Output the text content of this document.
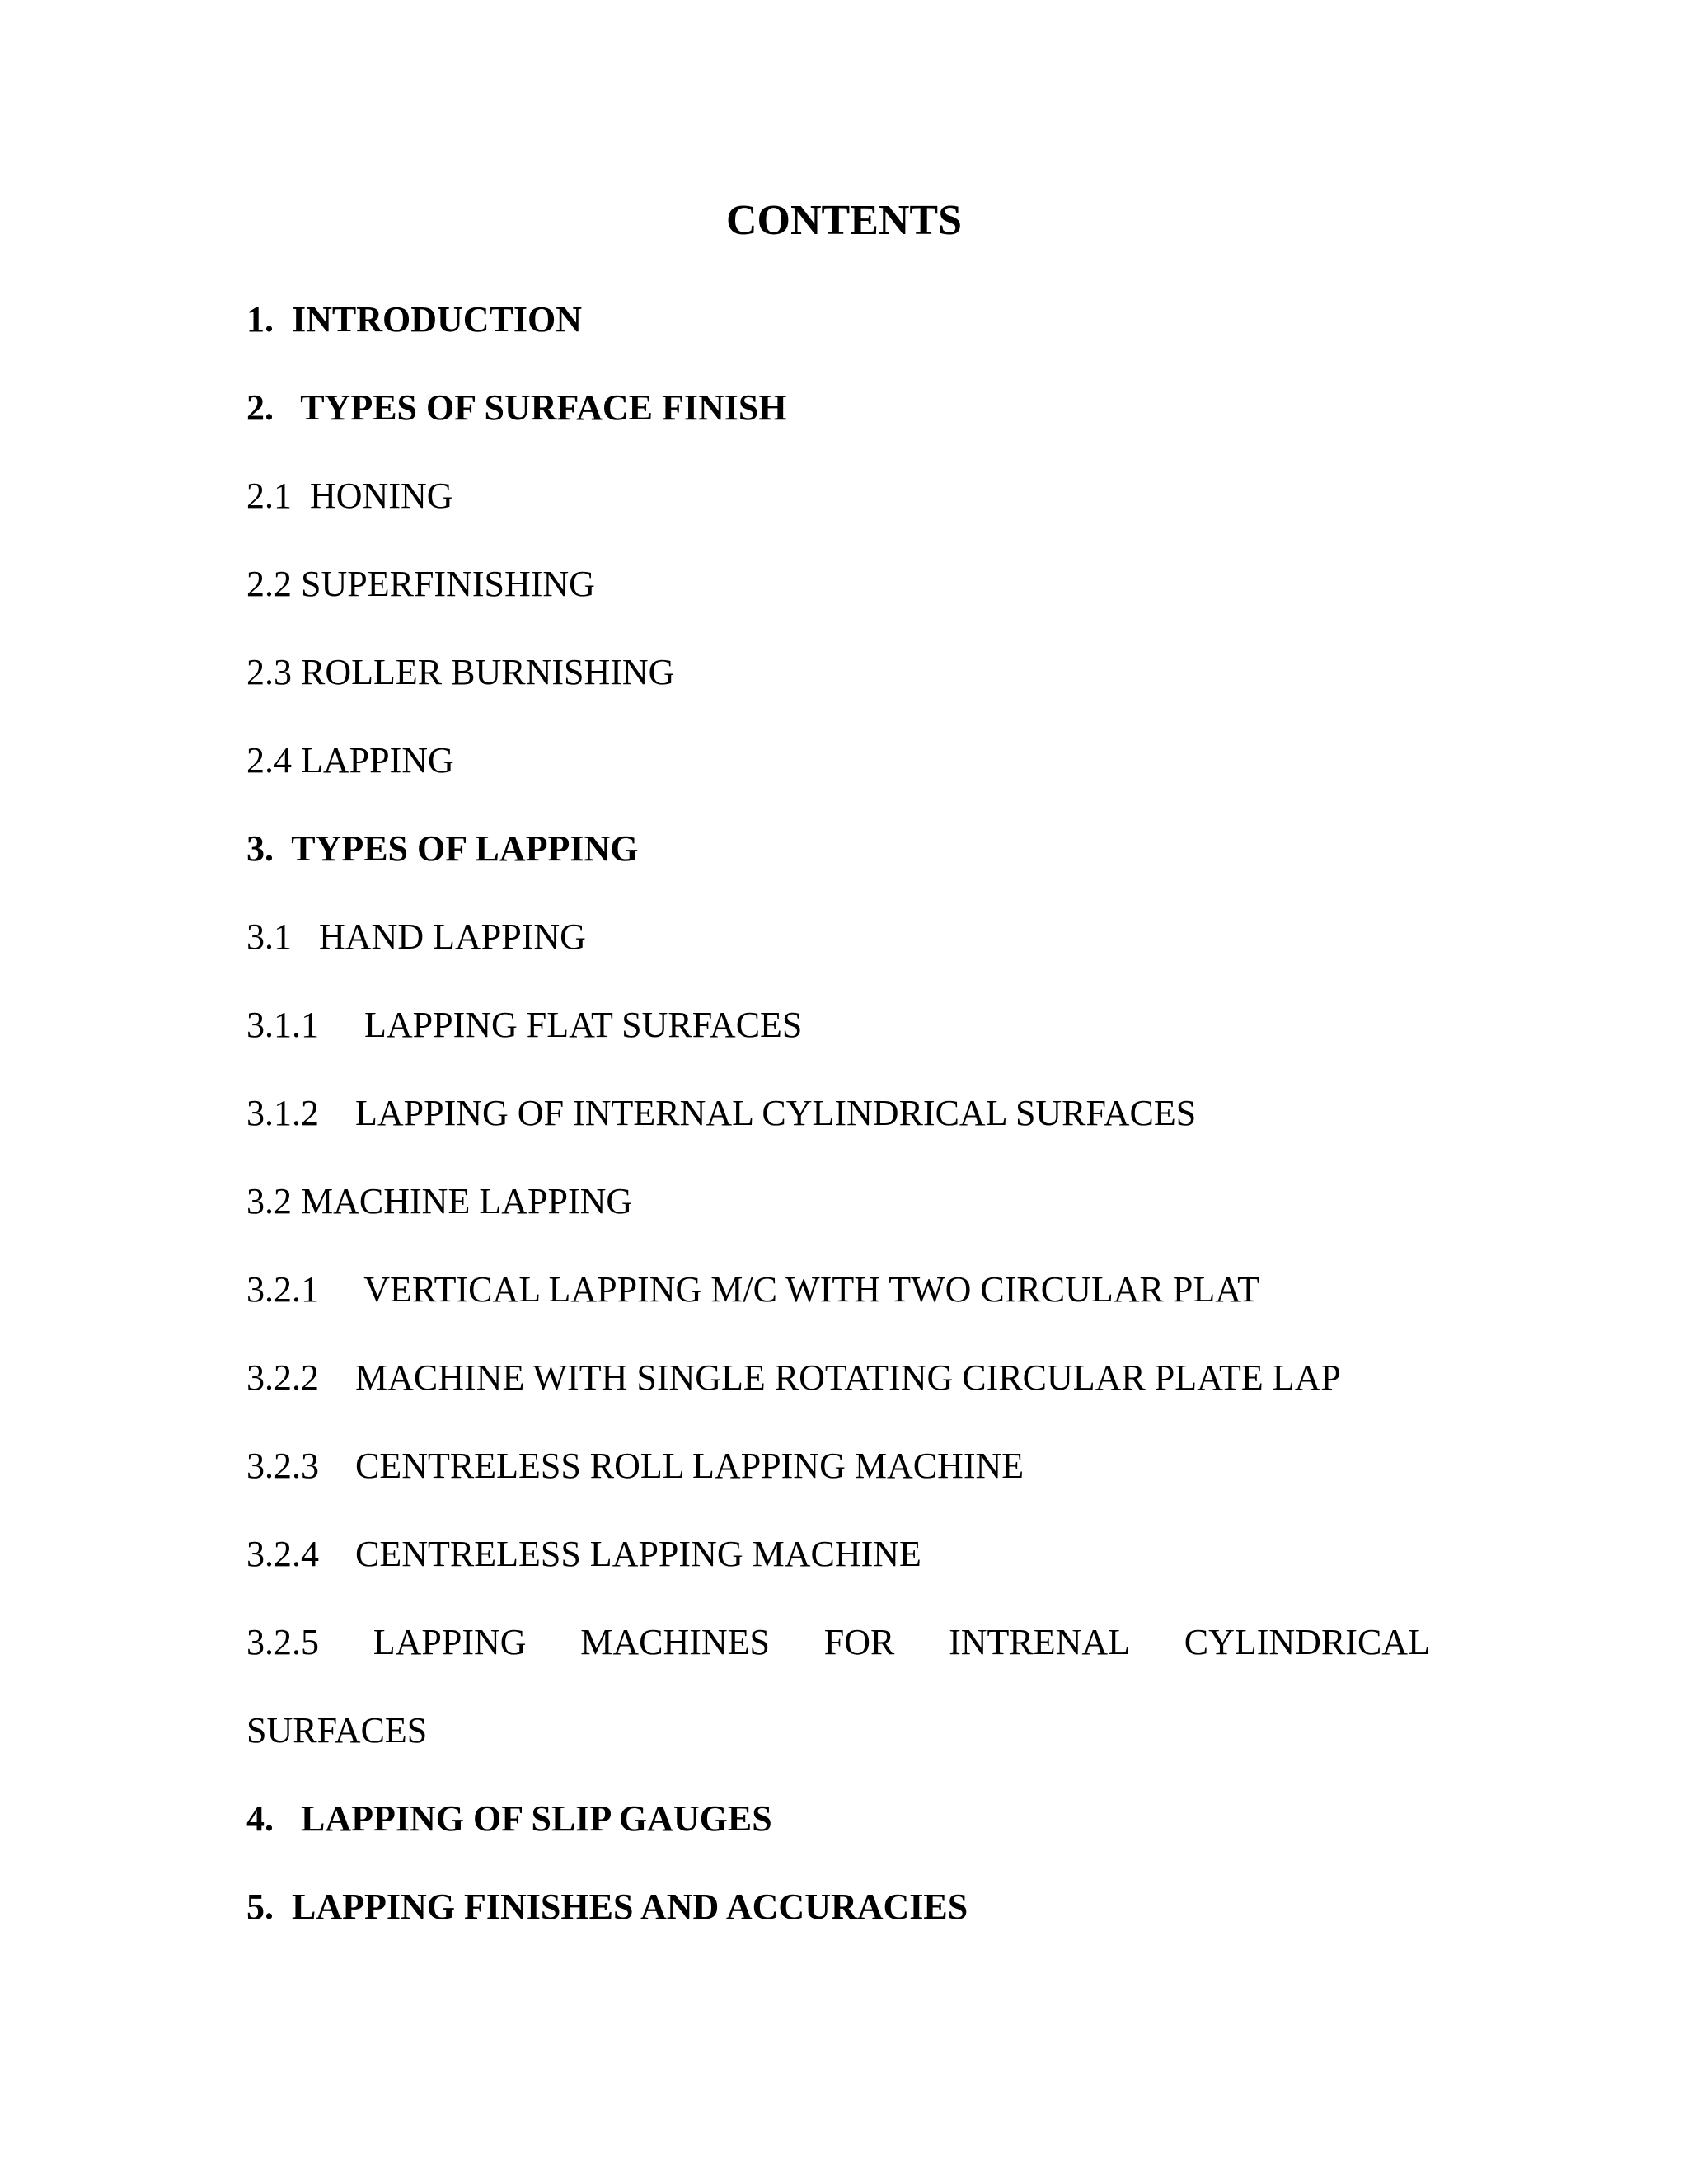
CONTENTS
1.  INTRODUCTION
2.   TYPES OF SURFACE FINISH
2.1  HONING
2.2 SUPERFINISHING
2.3 ROLLER BURNISHING
2.4 LAPPING
3.  TYPES OF LAPPING
3.1   HAND LAPPING
3.1.1     LAPPING FLAT SURFACES
3.1.2    LAPPING OF INTERNAL CYLINDRICAL SURFACES
3.2 MACHINE LAPPING
3.2.1     VERTICAL LAPPING M/C WITH TWO CIRCULAR PLAT
3.2.2    MACHINE WITH SINGLE ROTATING CIRCULAR PLATE LAP
3.2.3    CENTRELESS ROLL LAPPING MACHINE
3.2.4    CENTRELESS LAPPING MACHINE
3.2.5 LAPPING MACHINES FOR INTRENAL CYLINDRICAL
SURFACES
4.   LAPPING OF SLIP GAUGES
5.  LAPPING FINISHES AND ACCURACIES
